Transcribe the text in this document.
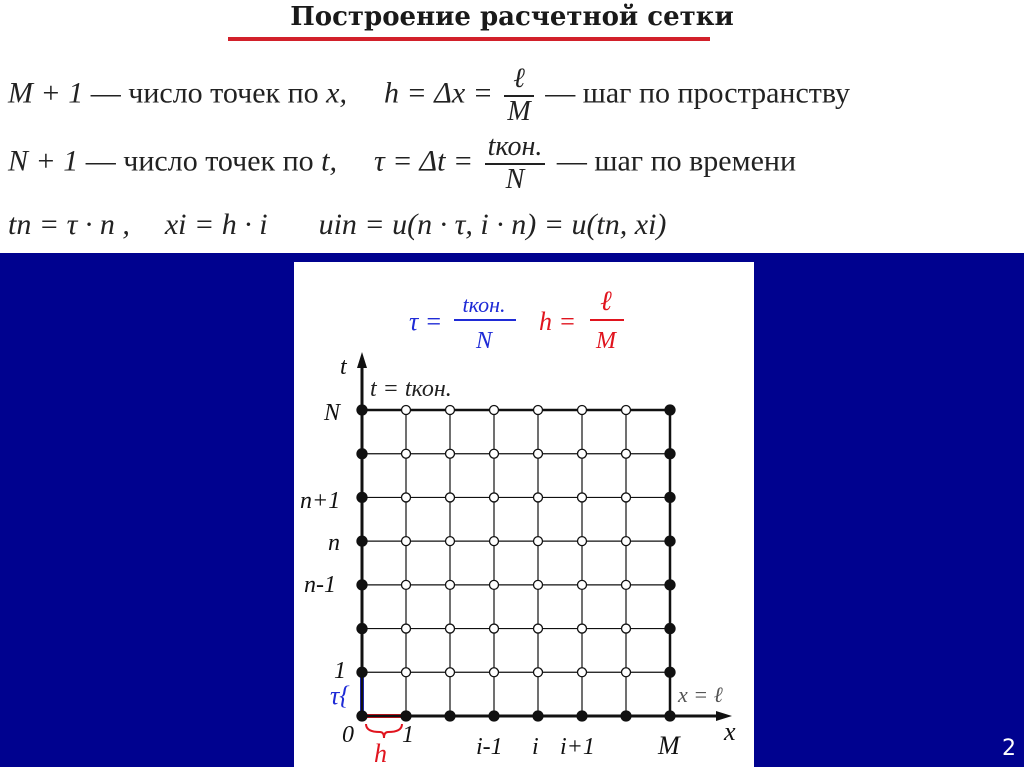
Построение расчетной сетки
M + 1 — число точек по x, $h = \Delta x = \frac{\text{ℓ}}{M}$ — шаг по пространству
N + 1 — число точек по t, $\tau = \Delta t = \frac{\text{tкон.}}{N}$ — шаг по времени
tn = τ · n , xi = h · i uin = u(n · τ, i · n) = u(tn, xi)
τ =
tкон.
N
h =
ℓ
M
t
x
t = tкон.
x = ℓ
N
n+1
n
n-1
1
τ{
0 1	i-1 i i+1 M
h	2
